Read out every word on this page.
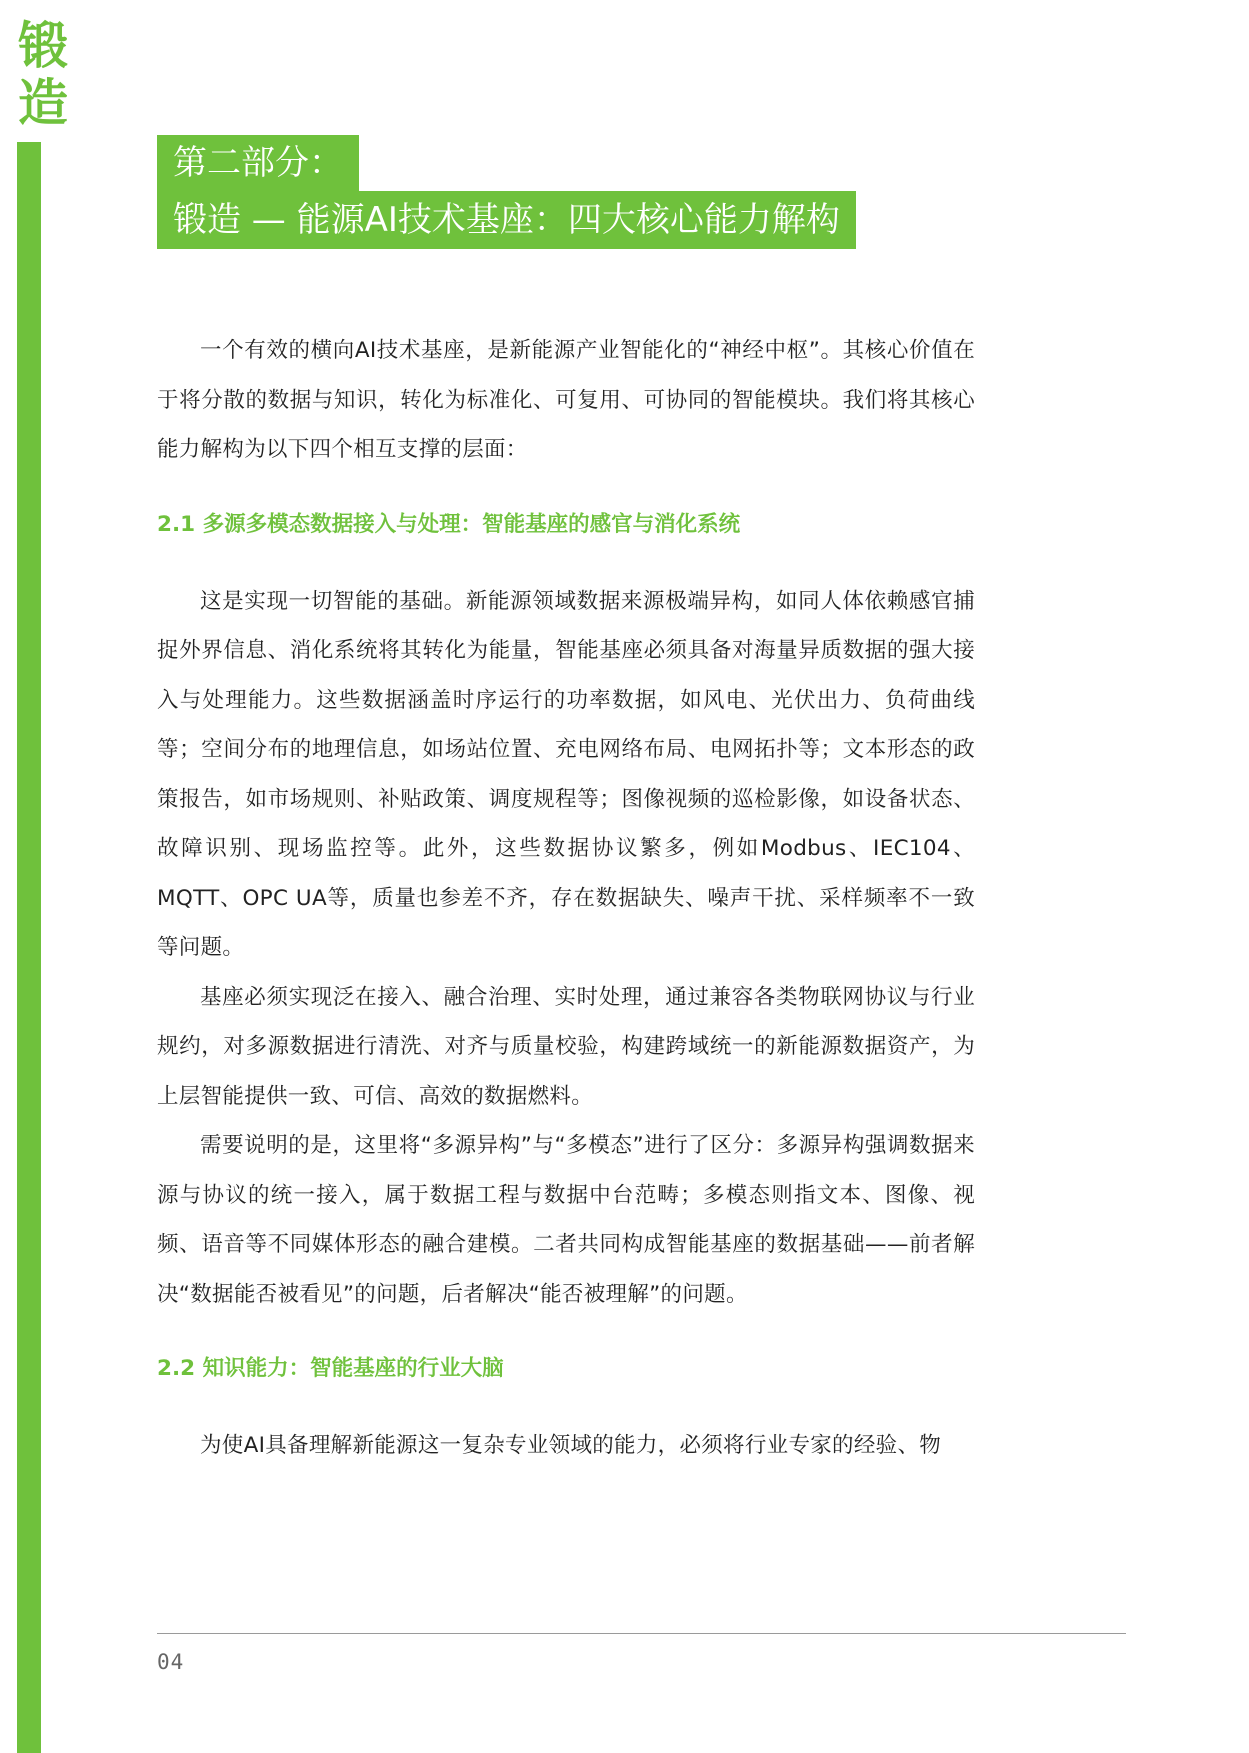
锻
造
第二部分：
锻造 — 能源AI技术基座：四大核心能力解构

一个有效的横向AI技术基座，是新能源产业智能化的“神经中枢”。其核心价值在于将分散的数据与知识，转化为标准化、可复用、可协同的智能模块。我们将其核心能力解构为以下四个相互支撑的层面：

2.1 多源多模态数据接入与处理：智能基座的感官与消化系统

这是实现一切智能的基础。新能源领域数据来源极端异构，如同人体依赖感官捕捉外界信息、消化系统将其转化为能量，智能基座必须具备对海量异质数据的强大接入与处理能力。这些数据涵盖时序运行的功率数据，如风电、光伏出力、负荷曲线等；空间分布的地理信息，如场站位置、充电网络布局、电网拓扑等；文本形态的政策报告，如市场规则、补贴政策、调度规程等；图像视频的巡检影像，如设备状态、故障识别、现场监控等。此外，这些数据协议繁多，例如Modbus、IEC104、MQTT、OPC UA等，质量也参差不齐，存在数据缺失、噪声干扰、采样频率不一致等问题。

基座必须实现泛在接入、融合治理、实时处理，通过兼容各类物联网协议与行业规约，对多源数据进行清洗、对齐与质量校验，构建跨域统一的新能源数据资产，为上层智能提供一致、可信、高效的数据燃料。

需要说明的是，这里将“多源异构”与“多模态”进行了区分：多源异构强调数据来源与协议的统一接入，属于数据工程与数据中台范畴；多模态则指文本、图像、视频、语音等不同媒体形态的融合建模。二者共同构成智能基座的数据基础——前者解决“数据能否被看见”的问题，后者解决“能否被理解”的问题。

2.2 知识能力：智能基座的行业大脑

为使AI具备理解新能源这一复杂专业领域的能力，必须将行业专家的经验、物

04
